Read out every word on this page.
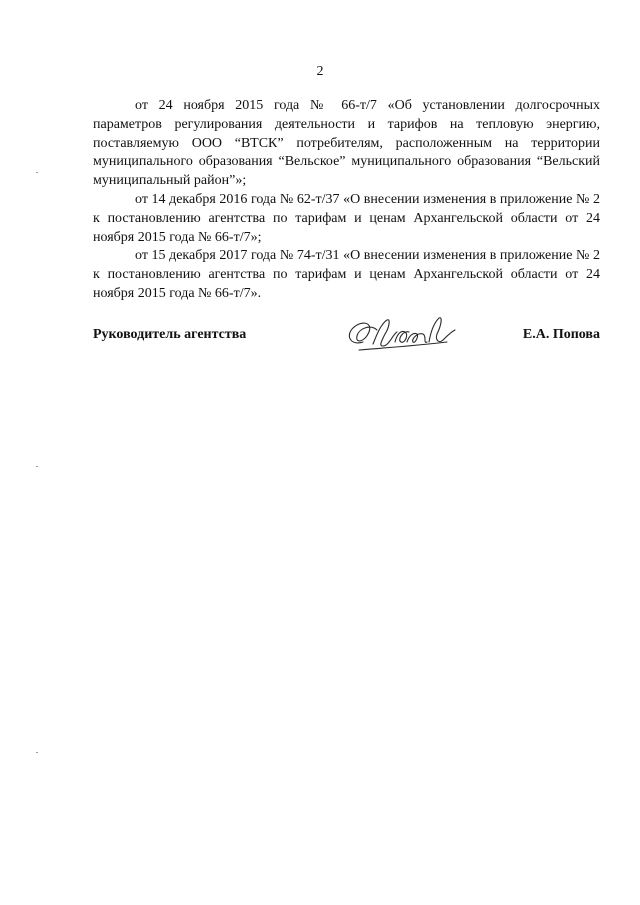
2

от 24 ноября 2015 года № 66-т/7 «Об установлении долгосрочных параметров регулирования деятельности и тарифов на тепловую энергию, поставляемую ООО “ВТСК” потребителям, расположенным на территории муниципального образования “Вельское” муниципального образования “Вельский муниципальный район”»;

от 14 декабря 2016 года № 62-т/37 «О внесении изменения в приложение № 2 к постановлению агентства по тарифам и ценам Архангельской области от 24 ноября 2015 года № 66-т/7»;

от 15 декабря 2017 года № 74-т/31 «О внесении изменения в приложение № 2 к постановлению агентства по тарифам и ценам Архангельской области от 24 ноября 2015 года № 66-т/7».

Руководитель агентства	Е.А. Попова
